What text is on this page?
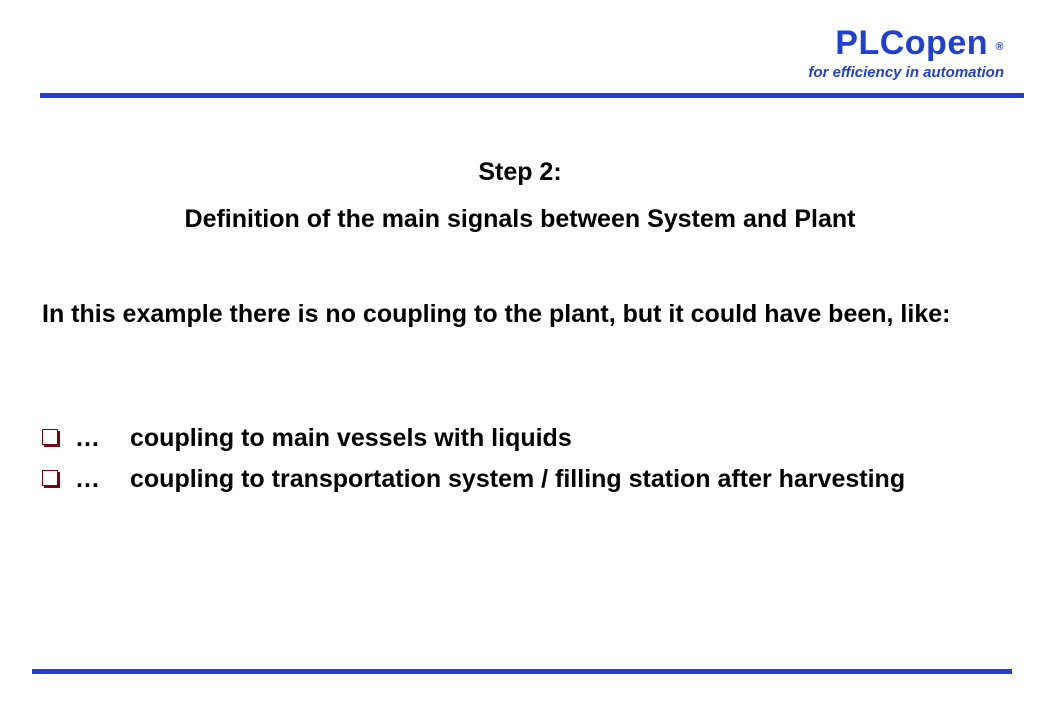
PLCopen ®
for efficiency in automation
Step 2:
Definition of the main signals between System and Plant
In this example there is no coupling to the plant, but it could have been, like:
…	coupling to main vessels with liquids
…	coupling to transportation system / filling station after harvesting
